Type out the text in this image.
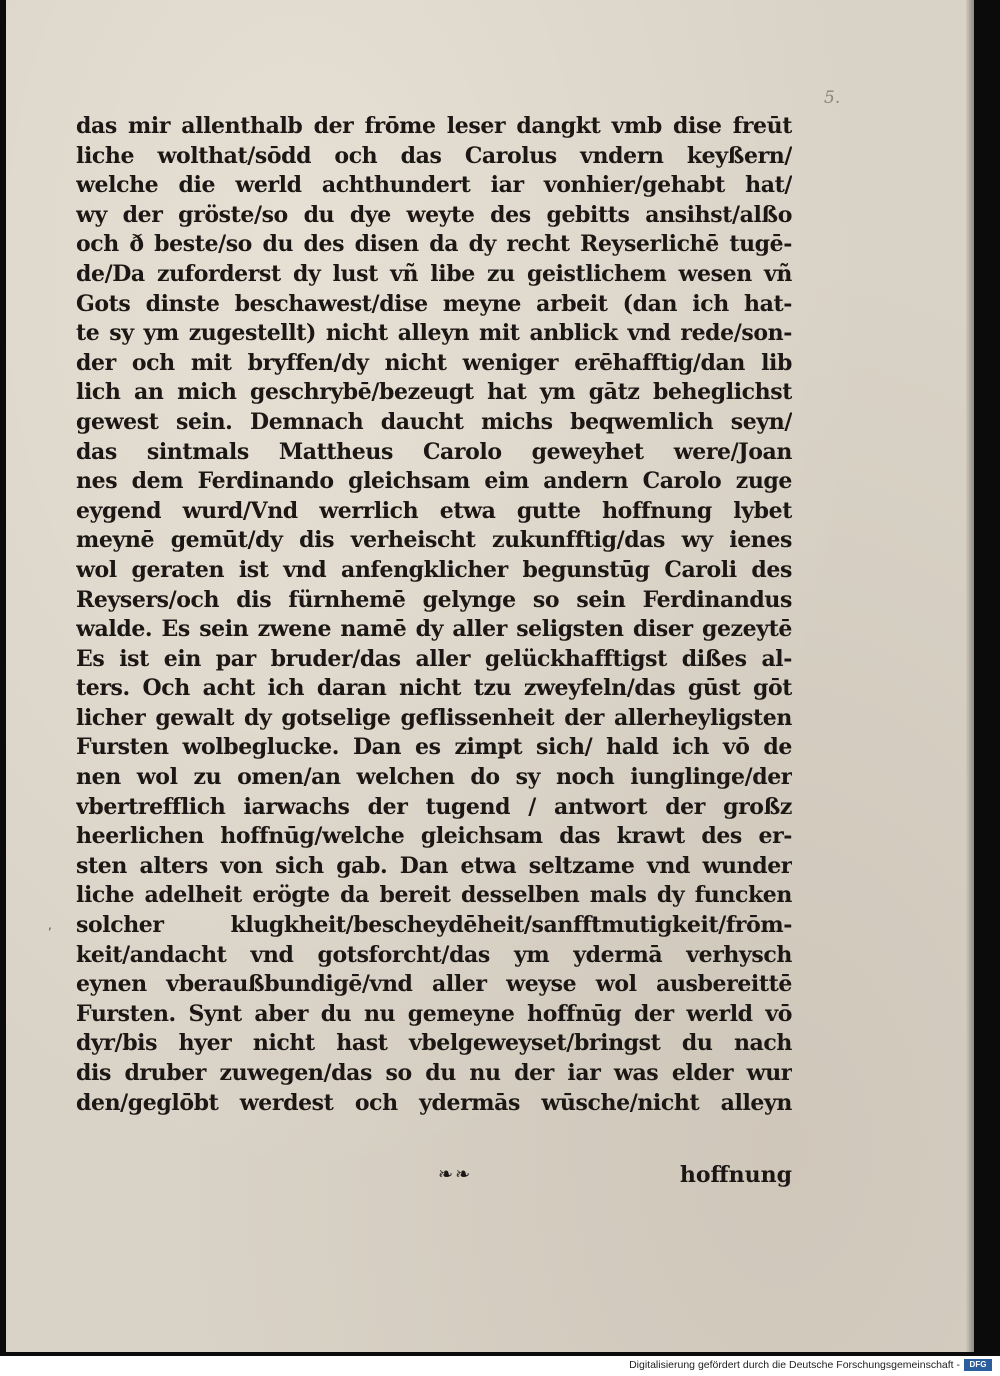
5.
das mir allenthalb der frōme leser dangkt vmb dise freūt
liche wolthat/sōdd och das Carolus vndern keyßern/
welche die werld achthundert iar vonhier/gehabt hat/
wy der gröste/so du dye weyte des gebitts ansihst/alßo
och ð beste/so du des disen da dy recht Reyserlichē tugē-
de/Da zuforderst dy lust vñ libe zu geistlichem wesen vñ
Gots dinste beschawest/dise meyne arbeit (dan ich hat-
te sy ym zugestellt) nicht alleyn mit anblick vnd rede/son-
der och mit bryffen/dy nicht weniger erēhafftig/dan lib
lich an mich geschrybē/bezeugt hat ym gātz beheglichst
gewest sein. Demnach daucht michs beqwemlich seyn/
das sintmals Mattheus Carolo geweyhet were/Joan
nes dem Ferdinando gleichsam eim andern Carolo zuge
eygend wurd/Vnd werrlich etwa gutte hoffnung lybet
meynē gemūt/dy dis verheischt zukunfftig/das wy ienes
wol geraten ist vnd anfengklicher begunstūg Caroli des
Reysers/och dis fürnhemē gelynge so sein Ferdinandus
walde. Es sein zwene namē dy aller seligsten diser gezeytē
Es ist ein par bruder/das aller gelückhafftigst dißes al-
ters. Och acht ich daran nicht tzu zweyfeln/das gūst gōt
licher gewalt dy gotselige geflissenheit der allerheyligsten
Fursten wolbeglucke. Dan es zimpt sich/ hald ich vō de
nen wol zu omen/an welchen do sy noch iunglinge/der
vbertrefflich iarwachs der tugend / antwort der großz
heerlichen hoffnūg/welche gleichsam das krawt des er-
sten alters von sich gab. Dan etwa seltzame vnd wunder
liche adelheit erögte da bereit desselben mals dy funcken
solcher klugkheit/bescheydēheit/sanfftmutigkeit/frōm-
keit/andacht vnd gotsforcht/das ym ydermā verhysch
eynen vberaußbundigē/vnd aller weyse wol ausbereittē
Fursten. Synt aber du nu gemeyne hoffnūg der werld vō
dyr/bis hyer nicht hast vbelgeweyset/bringst du nach
dis druber zuwegen/das so du nu der iar was elder wur
den/geglōbt werdest och ydermās wūsche/nicht alleyn
,
❧❧	hoffnung
Digitalisierung gefördert durch die Deutsche Forschungsgemeinschaft -	DFG
